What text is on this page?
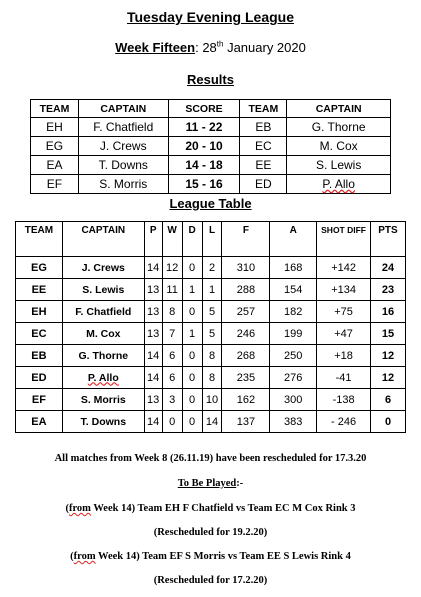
Tuesday Evening League
Week Fifteen: 28th January 2020
Results
TEAM	CAPTAIN	SCORE	TEAM	CAPTAIN
EH	F. Chatfield	11 - 22	EB	G. Thorne
EG	J. Crews	20 - 10	EC	M. Cox
EA	T. Downs	14 - 18	EE	S. Lewis
EF	S. Morris	15 - 16	ED	P. Allo
League Table
TEAM	CAPTAIN	P	W	D	L	F	A	SHOT DIFF	PTS
EG	J. Crews	14	12	0	2	310	168	+142	24
EE	S. Lewis	13	11	1	1	288	154	+134	23
EH	F. Chatfield	13	8	0	5	257	182	+75	16
EC	M. Cox	13	7	1	5	246	199	+47	15
EB	G. Thorne	14	6	0	8	268	250	+18	12
ED	P. Allo	14	6	0	8	235	276	-41	12
EF	S. Morris	13	3	0	10	162	300	-138	6
EA	T. Downs	14	0	0	14	137	383	- 246	0
All matches from Week 8 (26.11.19) have been rescheduled for 17.3.20
To Be Played:-
(from Week 14) Team EH F Chatfield vs Team EC M Cox Rink 3
(Rescheduled for 19.2.20)
(from Week 14) Team EF S Morris vs Team EE S Lewis Rink 4
(Rescheduled for 17.2.20)
